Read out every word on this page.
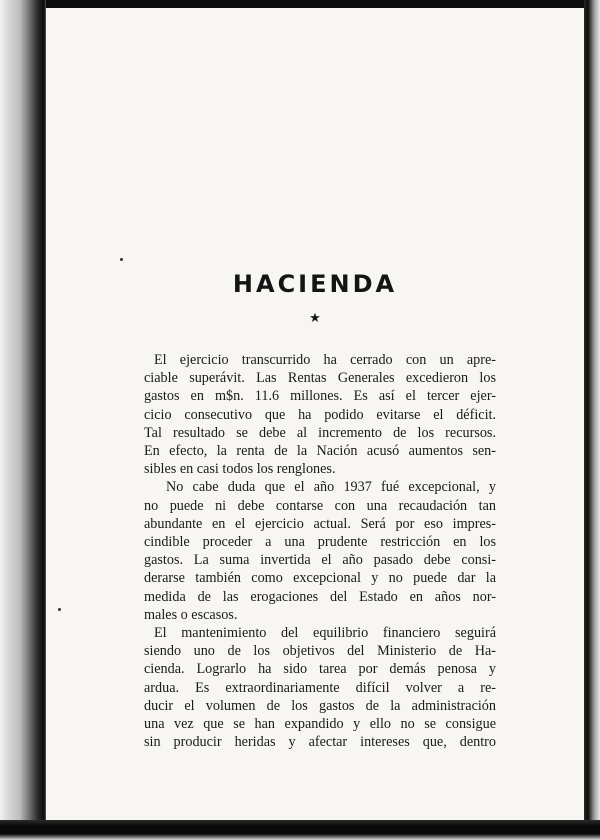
HACIENDA
★
El ejercicio transcurrido ha cerrado con un apre-
ciable superávit. Las Rentas Generales excedieron los
gastos en m$n. 11.6 millones. Es así el tercer ejer-
cicio consecutivo que ha podido evitarse el déficit.
Tal resultado se debe al incremento de los recursos.
En efecto, la renta de la Nación acusó aumentos sen-
sibles en casi todos los renglones.
No cabe duda que el año 1937 fué excepcional, y
no puede ni debe contarse con una recaudación tan
abundante en el ejercicio actual. Será por eso impres-
cindible proceder a una prudente restricción en los
gastos. La suma invertida el año pasado debe consi-
derarse también como excepcional y no puede dar la
medida de las erogaciones del Estado en años nor-
males o escasos.
El mantenimiento del equilibrio financiero seguirá
siendo uno de los objetivos del Ministerio de Ha-
cienda. Lograrlo ha sido tarea por demás penosa y
ardua. Es extraordinariamente difícil volver a re-
ducir el volumen de los gastos de la administración
una vez que se han expandido y ello no se consigue
sin producir heridas y afectar intereses que, dentro
